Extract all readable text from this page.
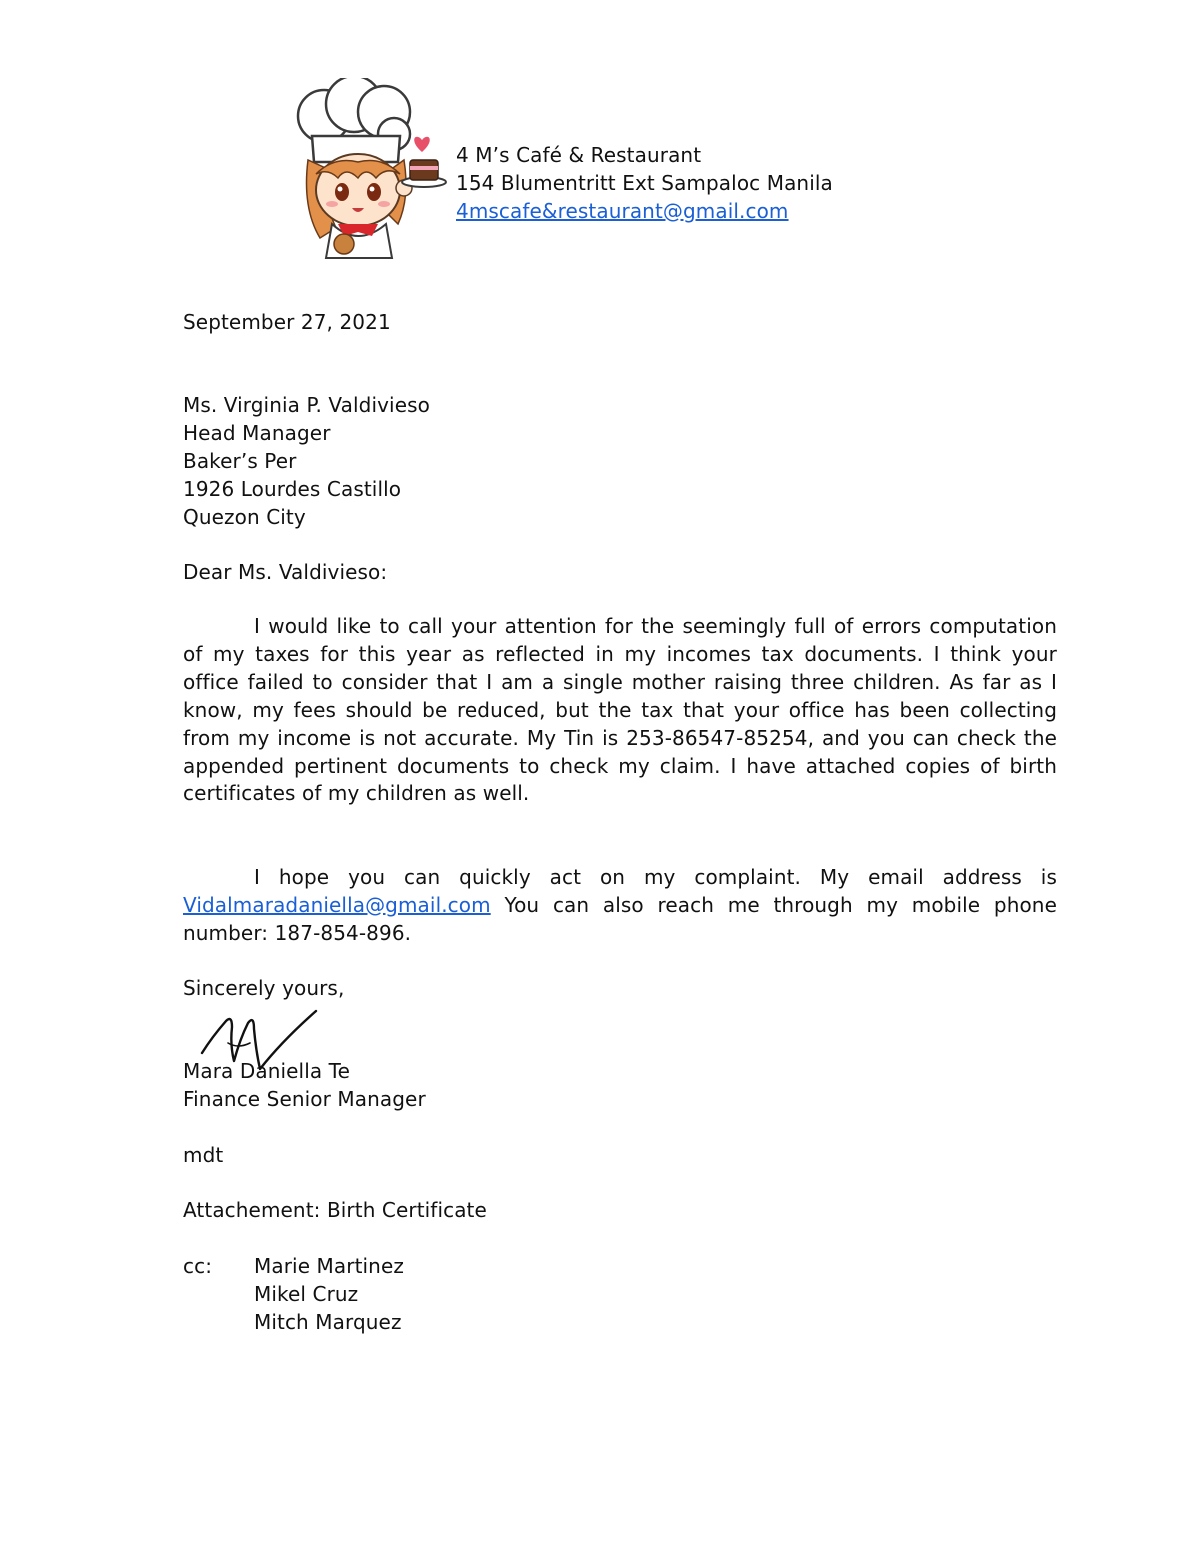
4 M’s Café & Restaurant
154 Blumentritt Ext Sampaloc Manila
4mscafe&restaurant@gmail.com
September 27, 2021
Ms. Virginia P. Valdivieso
Head Manager
Baker’s Per
1926 Lourdes Castillo
Quezon City
Dear Ms. Valdivieso:
I would like to call your attention for the seemingly full of errors computation of my taxes for this year as reflected in my incomes tax documents. I think your office failed to consider that I am a single mother raising three children. As far as I know, my fees should be reduced, but the tax that your office has been collecting from my income is not accurate. My Tin is 253-86547-85254, and you can check the appended pertinent documents to check my claim. I have attached copies of birth certificates of my children as well.
I hope you can quickly act on my complaint. My email address is Vidalmaradaniella@gmail.com You can also reach me through my mobile phone number: 187-854-896.
Sincerely yours,
Mara Daniella Te
Finance Senior Manager
mdt
Attachement: Birth Certificate
cc: Marie Martinez
Mikel Cruz
Mitch Marquez
